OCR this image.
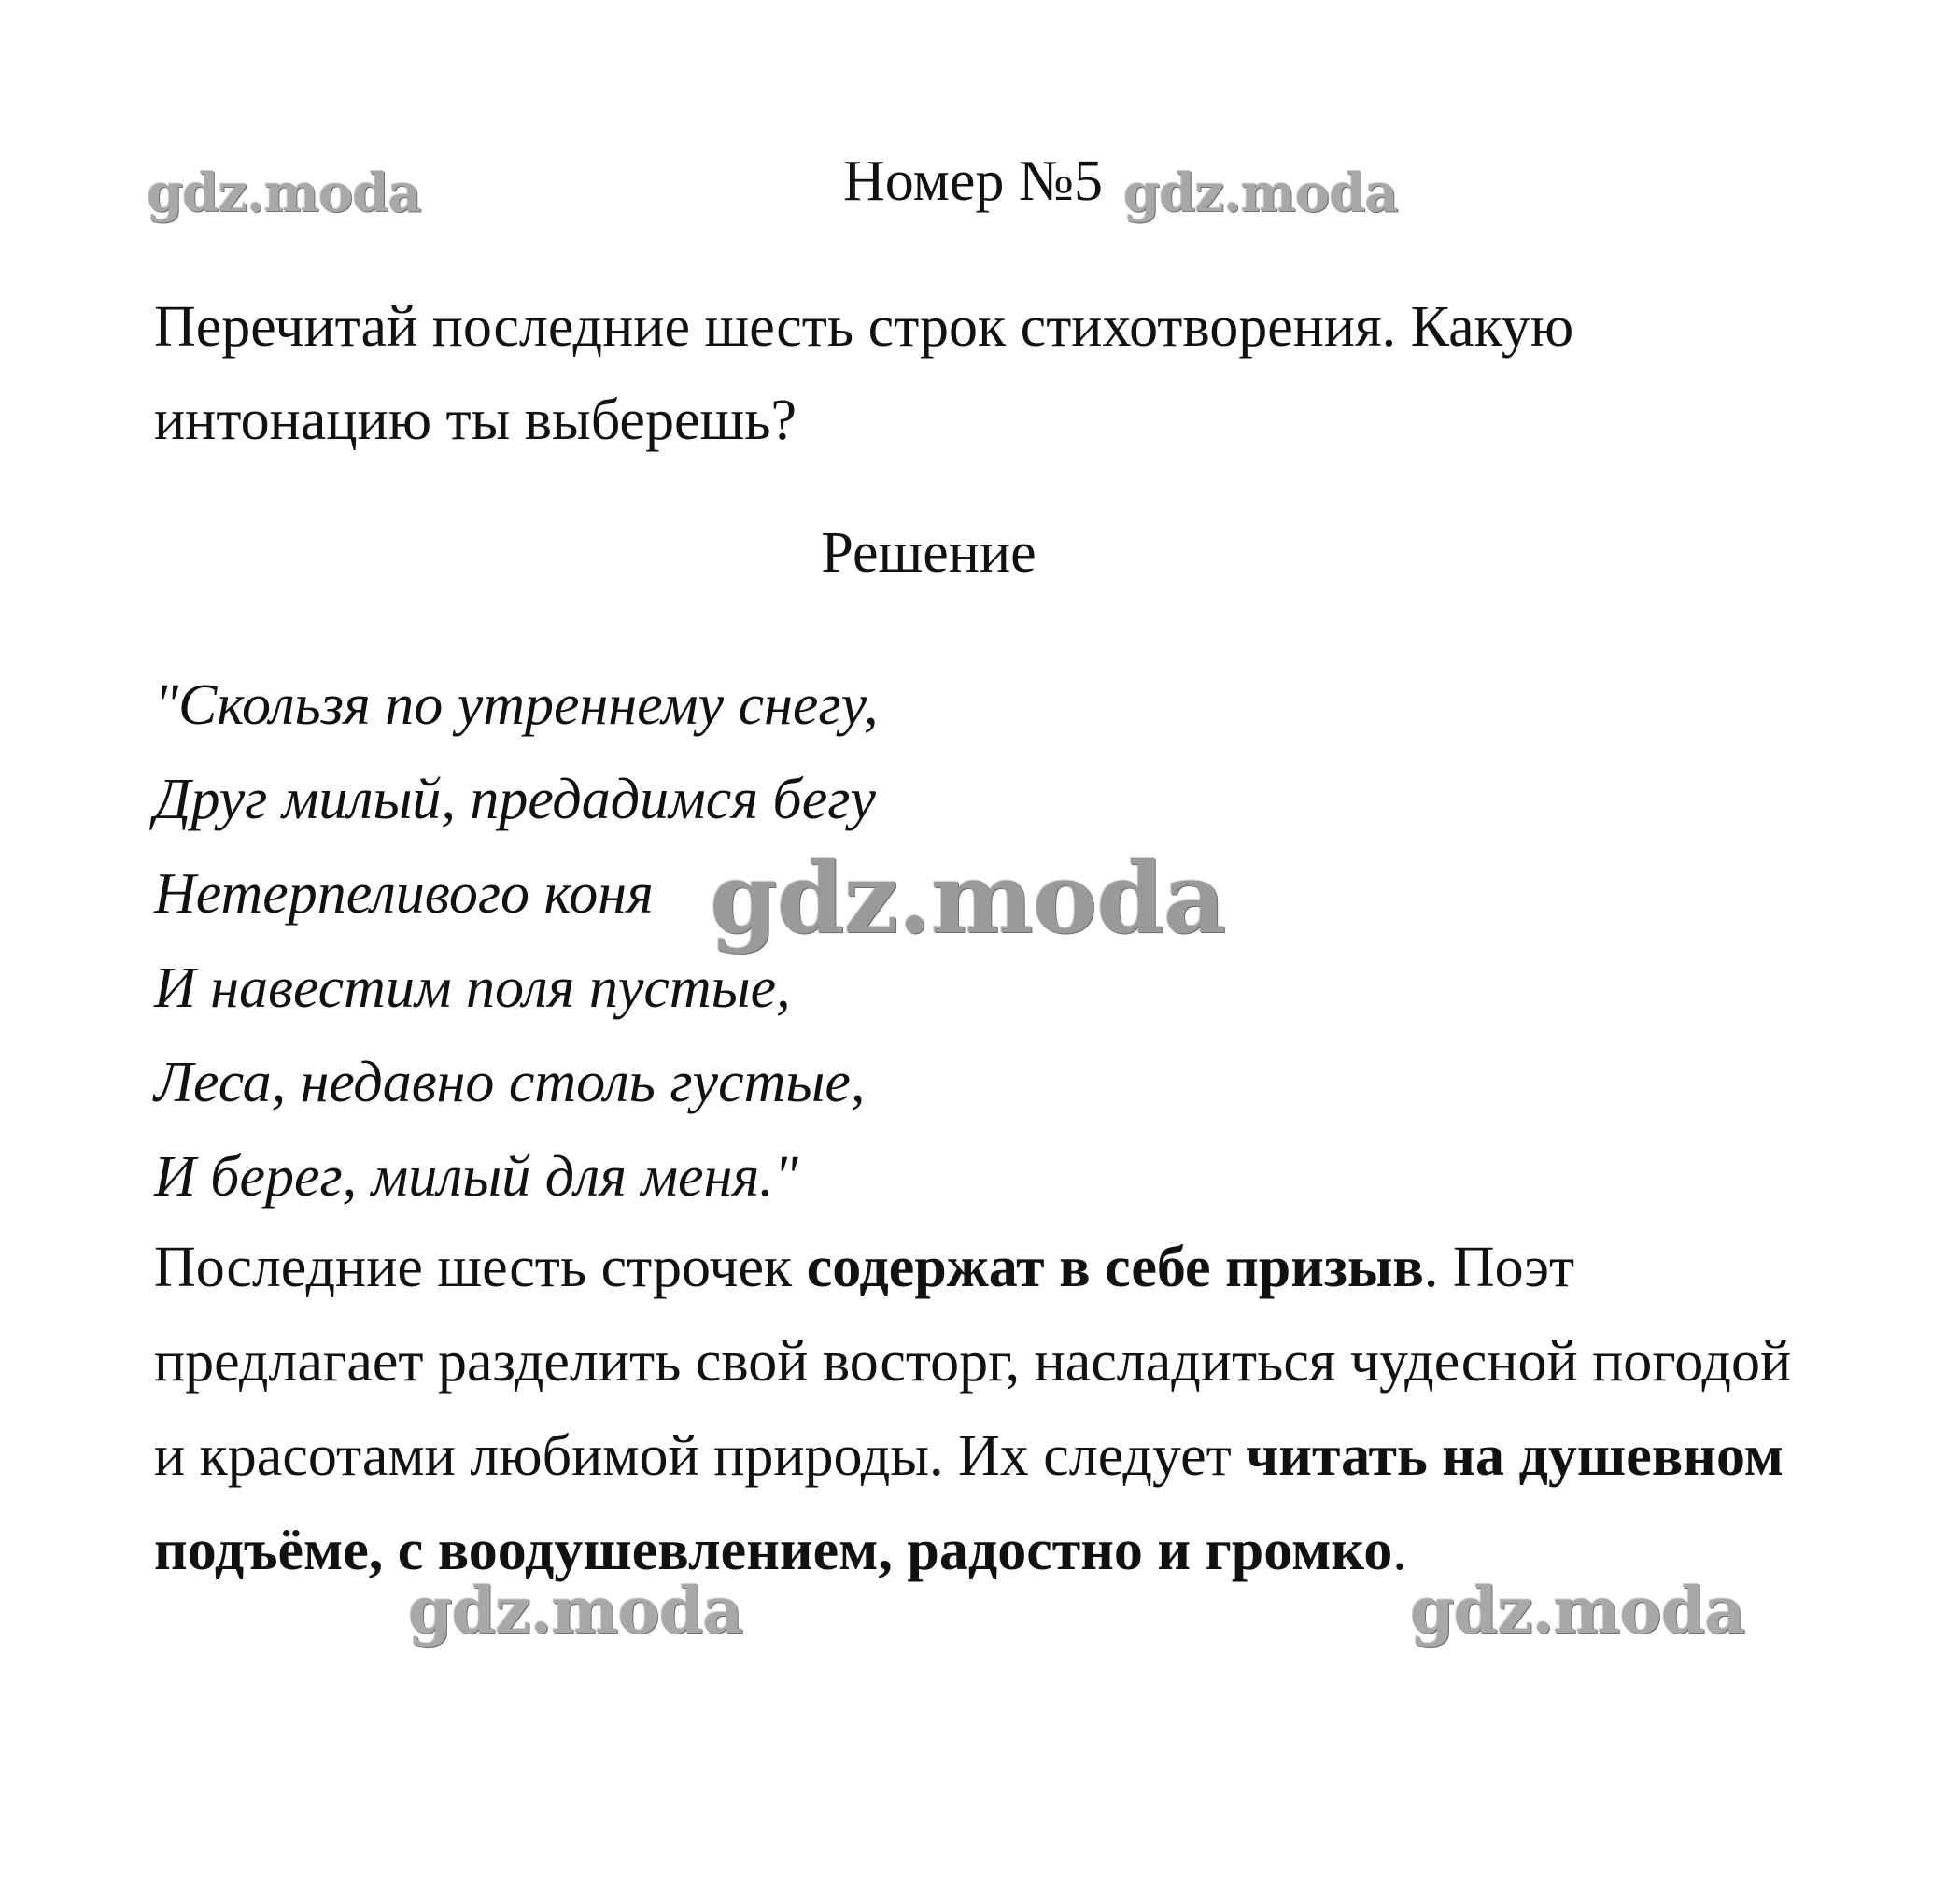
gdz.moda	gdz.moda
Номер №5

Перечитай последние шесть строк стихотворения. Какую интонацию ты выберешь?

Решение
"Скользя по утреннему снегу,
Друг милый, предадимся бегу
Нетерпеливого коня
И навестим поля пустые,
Леса, недавно столь густые,
И берег, милый для меня."
gdz.moda
Последние шесть строчек содержат в себе призыв. Поэт предлагает разделить свой восторг, насладиться чудесной погодой и красотами любимой природы. Их следует читать на душевном подъёме, с воодушевлением, радостно и громко.
gdz.moda	gdz.moda
